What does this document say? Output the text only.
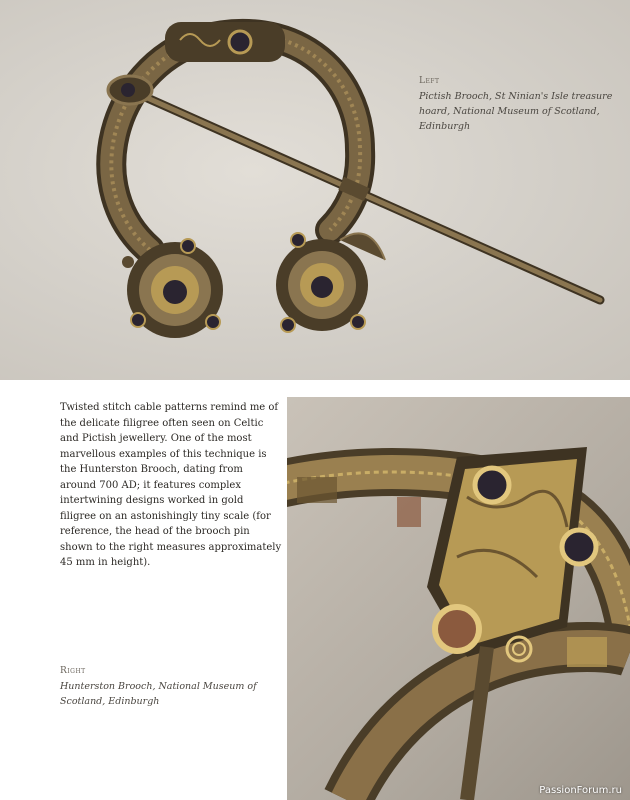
Left
Pictish Brooch, St Ninian's Isle treasure hoard, National Museum of Scotland, Edinburgh

Twisted stitch cable patterns remind me of the delicate filigree often seen on Celtic and Pictish jewellery. One of the most marvellous examples of this technique is the Hunterston Brooch, dating from around 700 AD; it features complex intertwining designs worked in gold filigree on an astonishingly tiny scale (for reference, the head of the brooch pin shown to the right measures approximately 45 mm in height).

Right
Hunterston Brooch, National Museum of Scotland, Edinburgh
PassionForum.ru
